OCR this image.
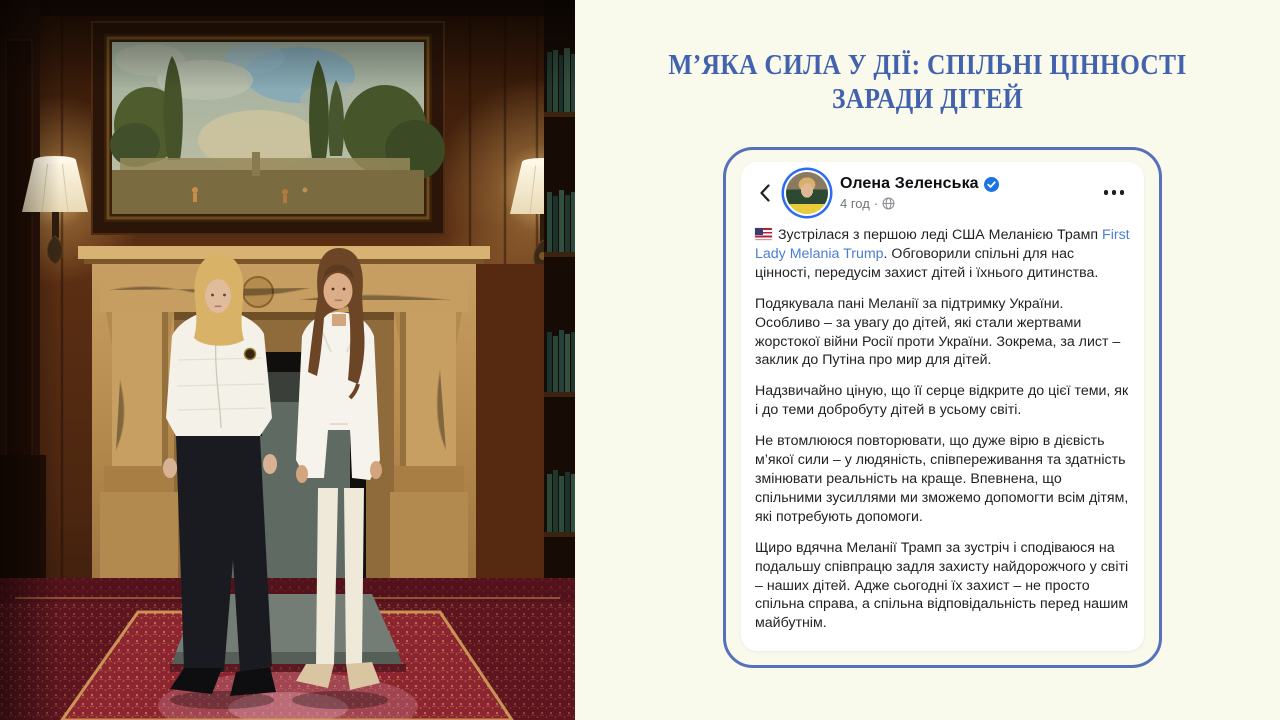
М’ЯКА СИЛА У ДІЇ: СПІЛЬНІ ЦІННОСТІ
ЗАРАДИ ДІТЕЙ
Олена Зеленська
4 год ·

Зустрілася з першою леді США Меланією Трамп First Lady Melania Trump. Обговорили спільні для нас цінності, передусім захист дітей і їхнього дитинства.

Подякувала пані Меланії за підтримку України. Особливо – за увагу до дітей, які стали жертвами жорстокої війни Росії проти України. Зокрема, за лист – заклик до Путіна про мир для дітей.

Надзвичайно ціную, що її серце відкрите до цієї теми, як і до теми добробуту дітей в усьому світі.

Не втомлююся повторювати, що дуже вірю в дієвість м’якої сили – у людяність, співпереживання та здатність змінювати реальність на краще. Впевнена, що спільними зусиллями ми зможемо допомогти всім дітям, які потребують допомоги.

Щиро вдячна Меланії Трамп за зустріч і сподіваюся на подальшу співпрацю задля захисту найдорожчого у світі – наших дітей. Адже сьогодні їх захист – не просто спільна справа, а спільна відповідальність перед нашим майбутнім.
